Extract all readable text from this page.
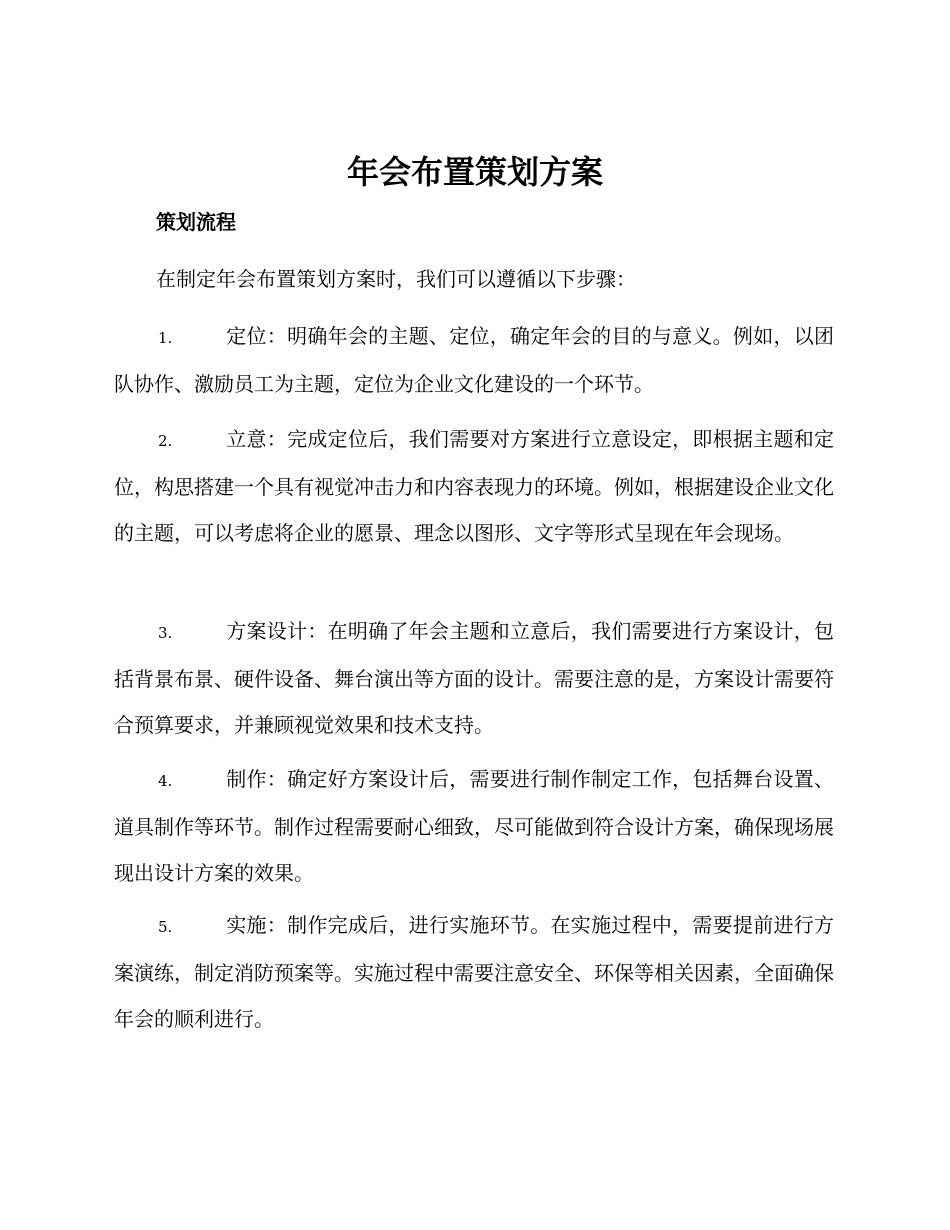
年会布置策划方案
策划流程

在制定年会布置策划方案时，我们可以遵循以下步骤：

1.	定位：明确年会的主题、定位，确定年会的目的与意义。例如，以团队协作、激励员工为主题，定位为企业文化建设的一个环节。

2.	立意：完成定位后，我们需要对方案进行立意设定，即根据主题和定位，构思搭建一个具有视觉冲击力和内容表现力的环境。例如，根据建设企业文化的主题，可以考虑将企业的愿景、理念以图形、文字等形式呈现在年会现场。

3.	方案设计：在明确了年会主题和立意后，我们需要进行方案设计，包括背景布景、硬件设备、舞台演出等方面的设计。需要注意的是，方案设计需要符合预算要求，并兼顾视觉效果和技术支持。

4.	制作：确定好方案设计后，需要进行制作制定工作，包括舞台设置、道具制作等环节。制作过程需要耐心细致，尽可能做到符合设计方案，确保现场展现出设计方案的效果。

5.	实施：制作完成后，进行实施环节。在实施过程中，需要提前进行方案演练，制定消防预案等。实施过程中需要注意安全、环保等相关因素，全面确保年会的顺利进行。
